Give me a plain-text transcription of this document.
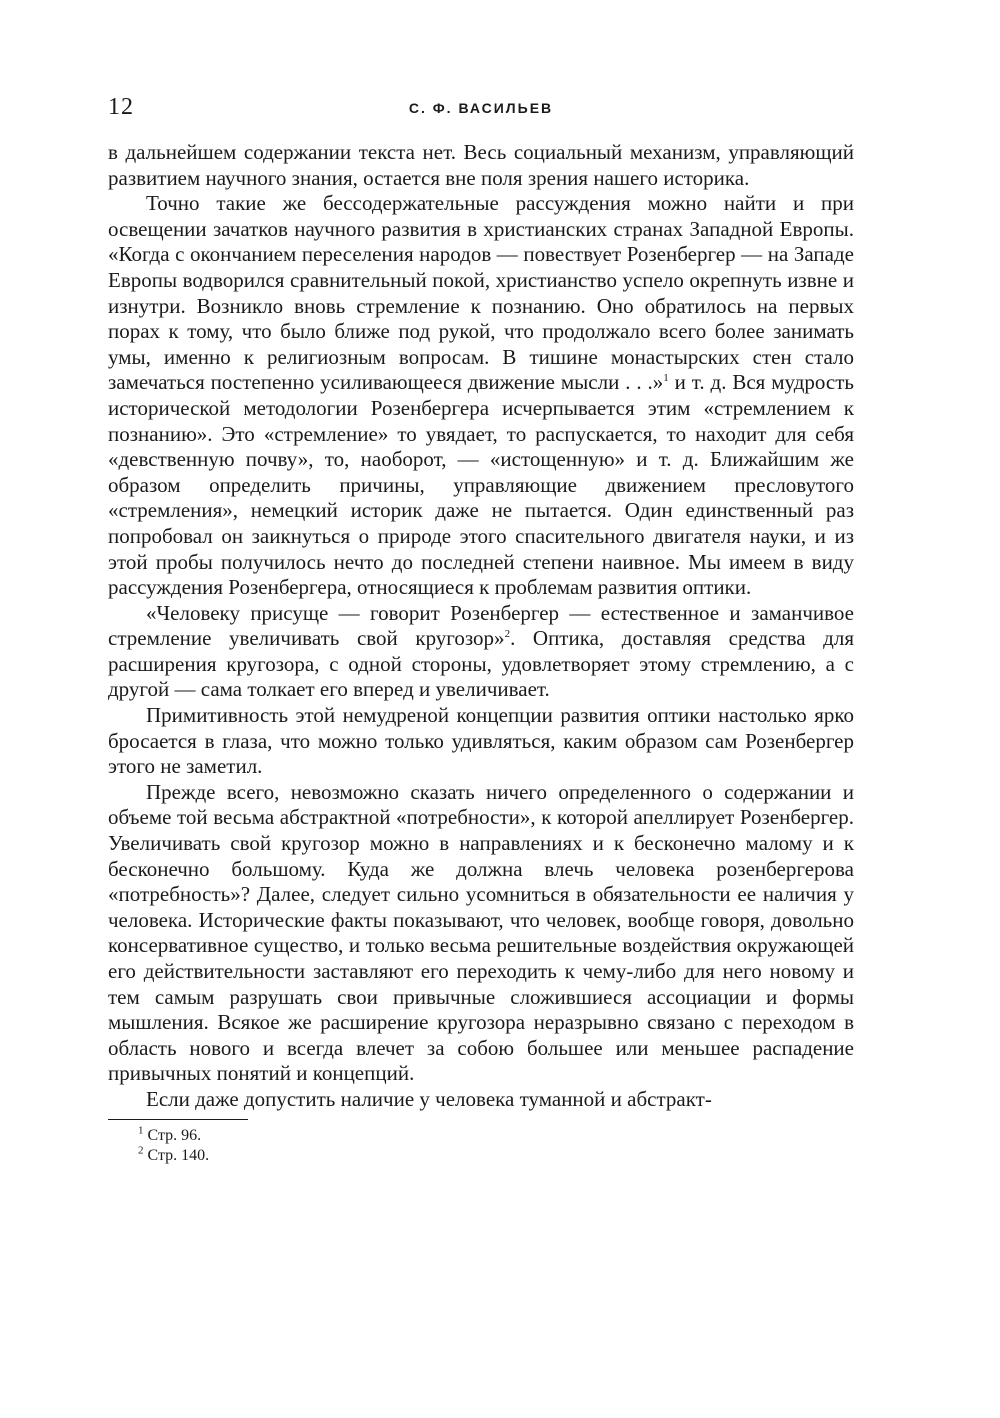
12	С. Ф. ВАСИЛЬЕВ

в дальнейшем содержании текста нет. Весь социальный механизм, управляющий развитием научного знания, остается вне поля зрения нашего историка.

Точно такие же бессодержательные рассуждения можно найти и при освещении зачатков научного развития в христианских странах Западной Европы. «Когда с окончанием переселения народов — повествует Розенбергер — на Западе Европы водворился сравнительный покой, христианство успело окрепнуть извне и изнутри. Возникло вновь стремление к познанию. Оно обратилось на первых порах к тому, что было ближе под рукой, что продолжало всего более занимать умы, именно к религиозным вопросам. В тишине монастырских стен стало замечаться постепенно усиливающееся движение мысли . . .»$^1$ и т. д. Вся мудрость исторической методологии Розенбергера исчерпывается этим «стремлением к познанию». Это «стремление» то увядает, то распускается, то находит для себя «девственную почву», то, наоборот, — «истощенную» и т. д. Ближайшим же образом определить причины, управляющие движением пресловутого «стремления», немецкий историк даже не пытается. Один единственный раз попробовал он заикнуться о природе этого спасительного двигателя науки, и из этой пробы получилось нечто до последней степени наивное. Мы имеем в виду рассуждения Розенбергера, относящиеся к проблемам развития оптики.

«Человеку присуще — говорит Розенбергер — естественное и заманчивое стремление увеличивать свой кругозор»$^2$. Оптика, доставляя средства для расширения кругозора, с одной стороны, удовлетворяет этому стремлению, а с другой — сама толкает его вперед и увеличивает.

Примитивность этой немудреной концепции развития оптики настолько ярко бросается в глаза, что можно только удивляться, каким образом сам Розенбергер этого не заметил.

Прежде всего, невозможно сказать ничего определенного о содержании и объеме той весьма абстрактной «потребности», к которой апеллирует Розенбергер. Увеличивать свой кругозор можно в направлениях и к бесконечно малому и к бесконечно большому. Куда же должна влечь человека розенбергерова «потребность»? Далее, следует сильно усомниться в обязательности ее наличия у человека. Исторические факты показывают, что человек, вообще говоря, довольно консервативное существо, и только весьма решительные воздействия окружающей его действительности заставляют его переходить к чему-либо для него новому и тем самым разрушать свои привычные сложившиеся ассоциации и формы мышления. Всякое же расширение кругозора неразрывно связано с переходом в область нового и всегда влечет за собою большее или меньшее распадение привычных понятий и концепций.

Если даже допустить наличие у человека туманной и абстракт-

$^1$ Стр. 96.

$^2$ Стр. 140.
